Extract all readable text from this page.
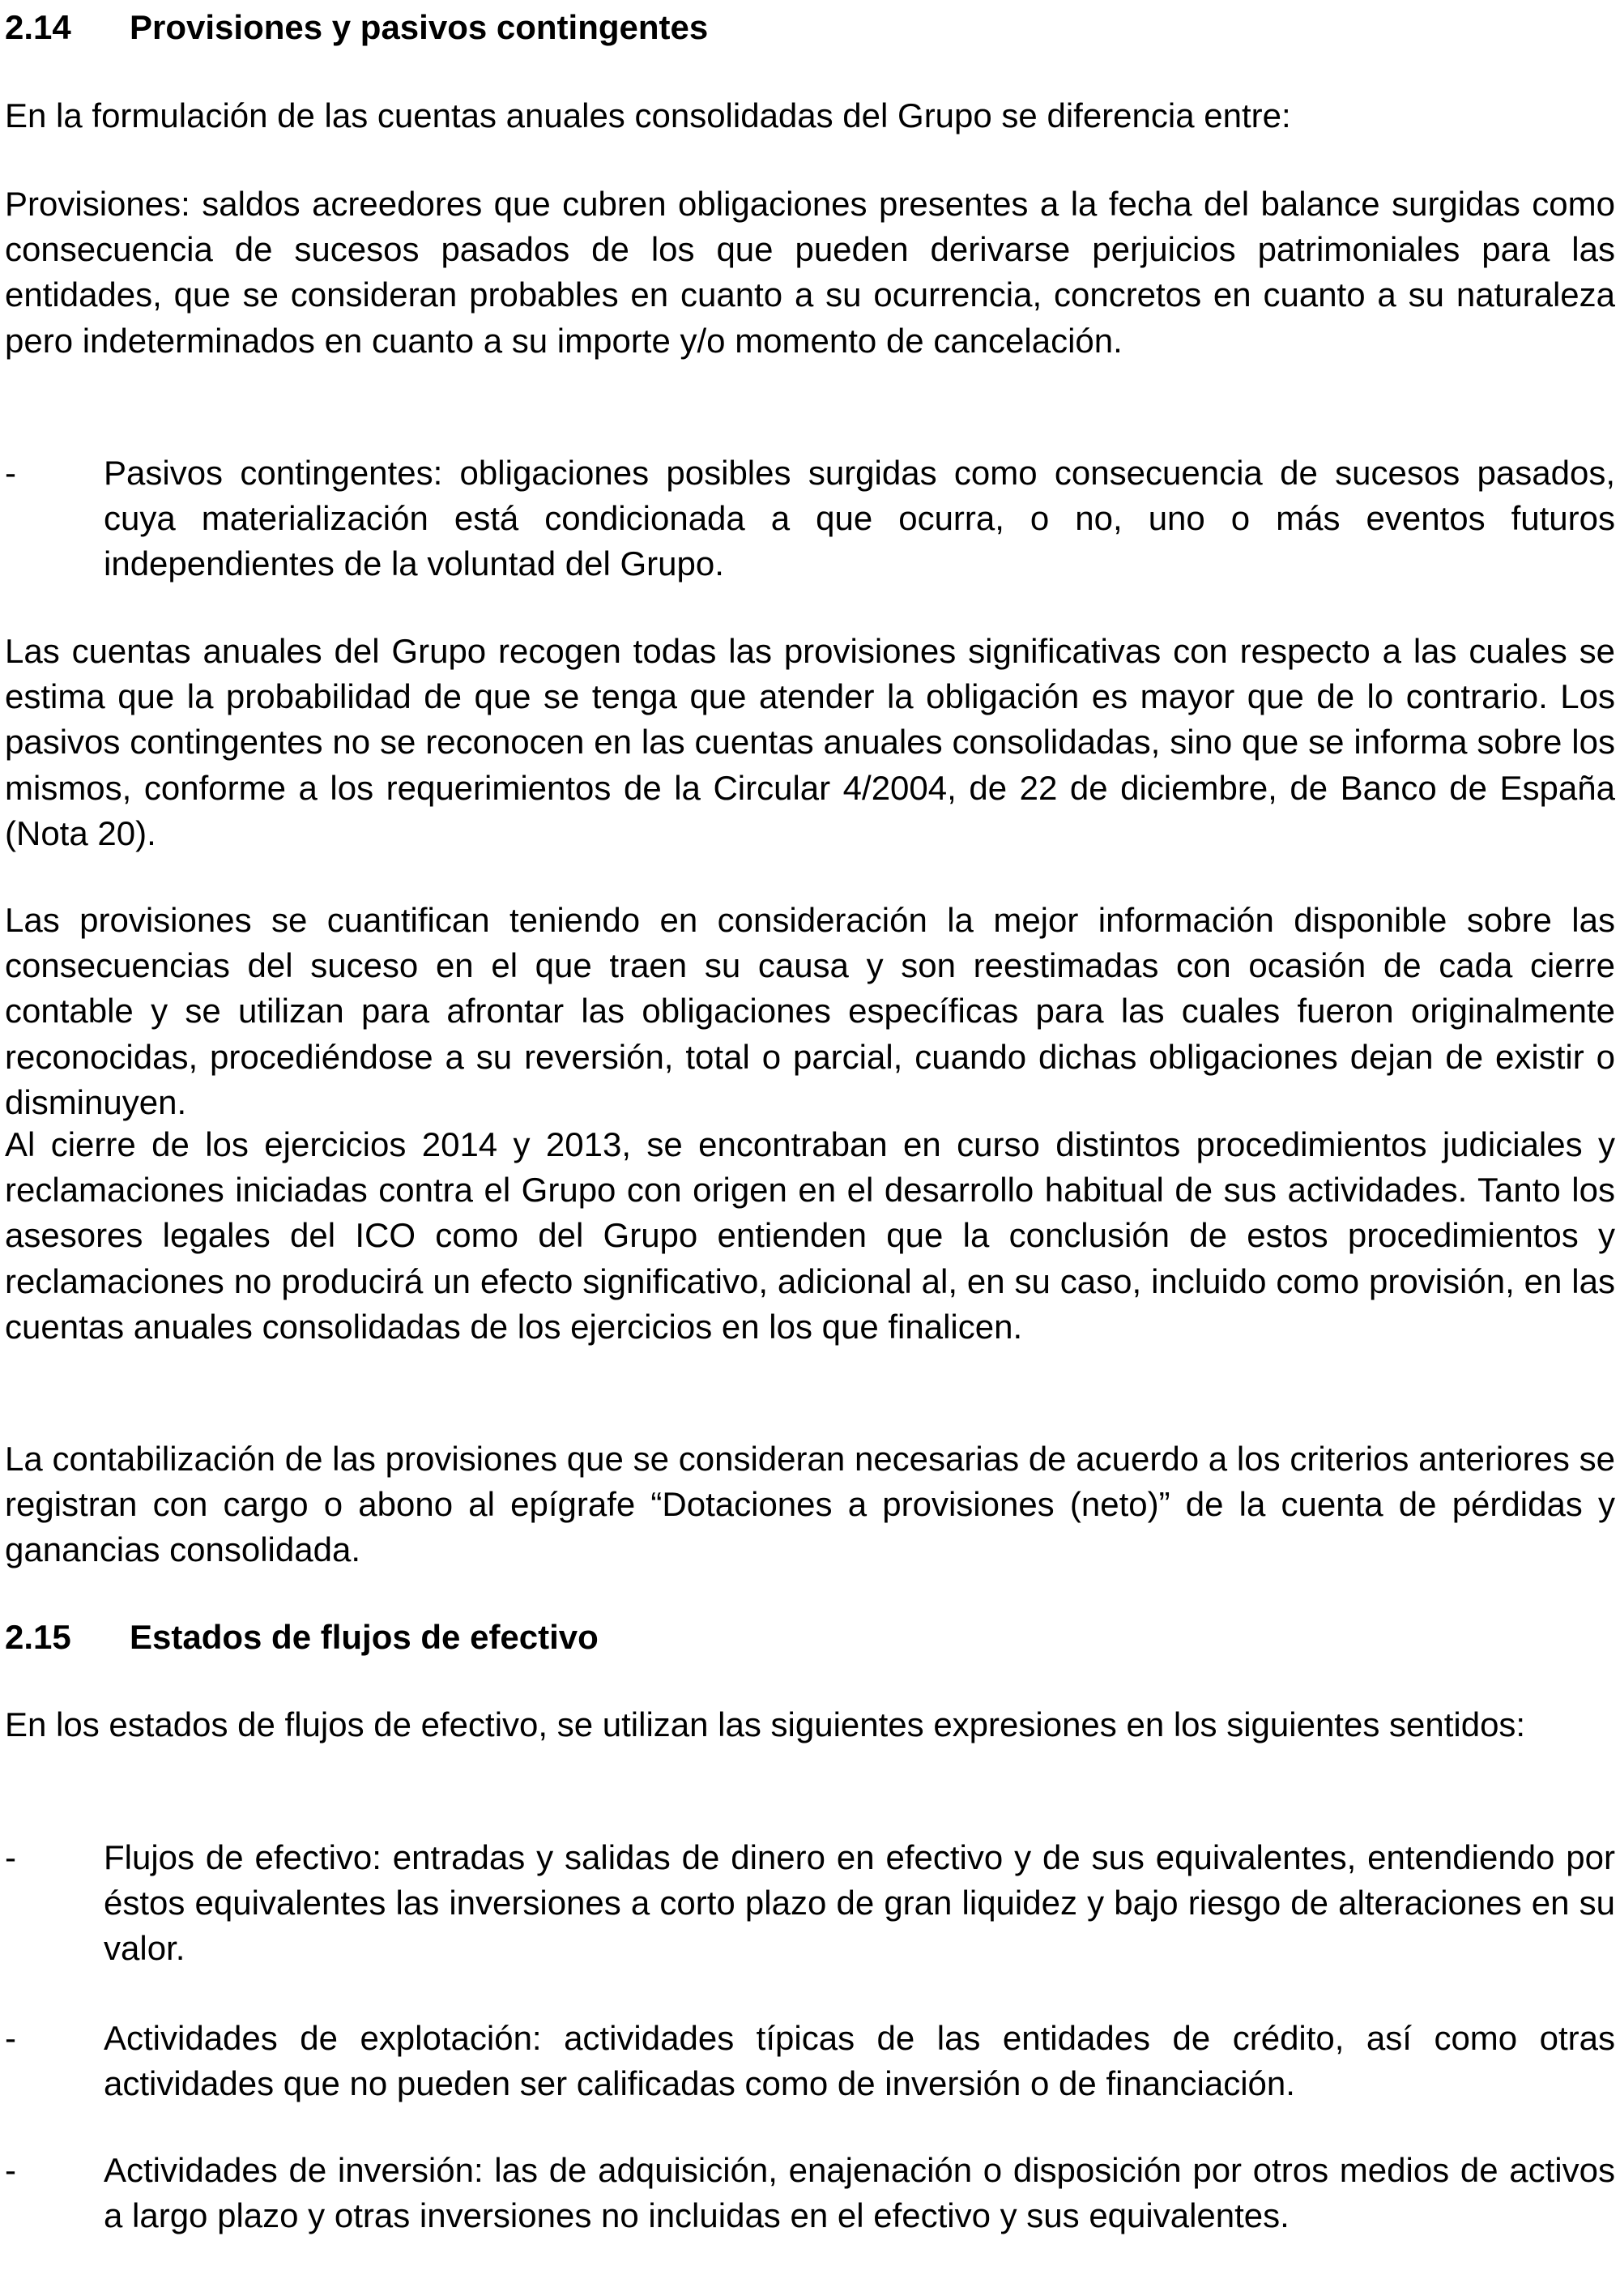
2.14 Provisiones y pasivos contingentes

En la formulación de las cuentas anuales consolidadas del Grupo se diferencia entre:

Provisiones: saldos acreedores que cubren obligaciones presentes a la fecha del balance surgidas como consecuencia de sucesos pasados de los que pueden derivarse perjuicios patrimoniales para las entidades, que se consideran probables en cuanto a su ocurrencia, concretos en cuanto a su naturaleza pero indeterminados en cuanto a su importe y/o momento de cancelación.

-	Pasivos contingentes: obligaciones posibles surgidas como consecuencia de sucesos pasados, cuya materialización está condicionada a que ocurra, o no, uno o más eventos futuros independientes de la voluntad del Grupo.

Las cuentas anuales del Grupo recogen todas las provisiones significativas con respecto a las cuales se estima que la probabilidad de que se tenga que atender la obligación es mayor que de lo contrario. Los pasivos contingentes no se reconocen en las cuentas anuales consolidadas, sino que se informa sobre los mismos, conforme a los requerimientos de la Circular 4/2004, de 22 de diciembre, de Banco de España (Nota 20).

Las provisiones se cuantifican teniendo en consideración la mejor información disponible sobre las consecuencias del suceso en el que traen su causa y son reestimadas con ocasión de cada cierre contable y se utilizan para afrontar las obligaciones específicas para las cuales fueron originalmente reconocidas, procediéndose a su reversión, total o parcial, cuando dichas obligaciones dejan de existir o disminuyen.

Al cierre de los ejercicios 2014 y 2013, se encontraban en curso distintos procedimientos judiciales y reclamaciones iniciadas contra el Grupo con origen en el desarrollo habitual de sus actividades. Tanto los asesores legales del ICO como del Grupo entienden que la conclusión de estos procedimientos y reclamaciones no producirá un efecto significativo, adicional al, en su caso, incluido como provisión, en las cuentas anuales consolidadas de los ejercicios en los que finalicen.

La contabilización de las provisiones que se consideran necesarias de acuerdo a los criterios anteriores se registran con cargo o abono al epígrafe “Dotaciones a provisiones (neto)” de la cuenta de pérdidas y ganancias consolidada.

2.15 Estados de flujos de efectivo

En los estados de flujos de efectivo, se utilizan las siguientes expresiones en los siguientes sentidos:

-	Flujos de efectivo: entradas y salidas de dinero en efectivo y de sus equivalentes, entendiendo por éstos equivalentes las inversiones a corto plazo de gran liquidez y bajo riesgo de alteraciones en su valor.
-	Actividades de explotación: actividades típicas de las entidades de crédito, así como otras actividades que no pueden ser calificadas como de inversión o de financiación.
-	Actividades de inversión: las de adquisición, enajenación o disposición por otros medios de activos a largo plazo y otras inversiones no incluidas en el efectivo y sus equivalentes.
